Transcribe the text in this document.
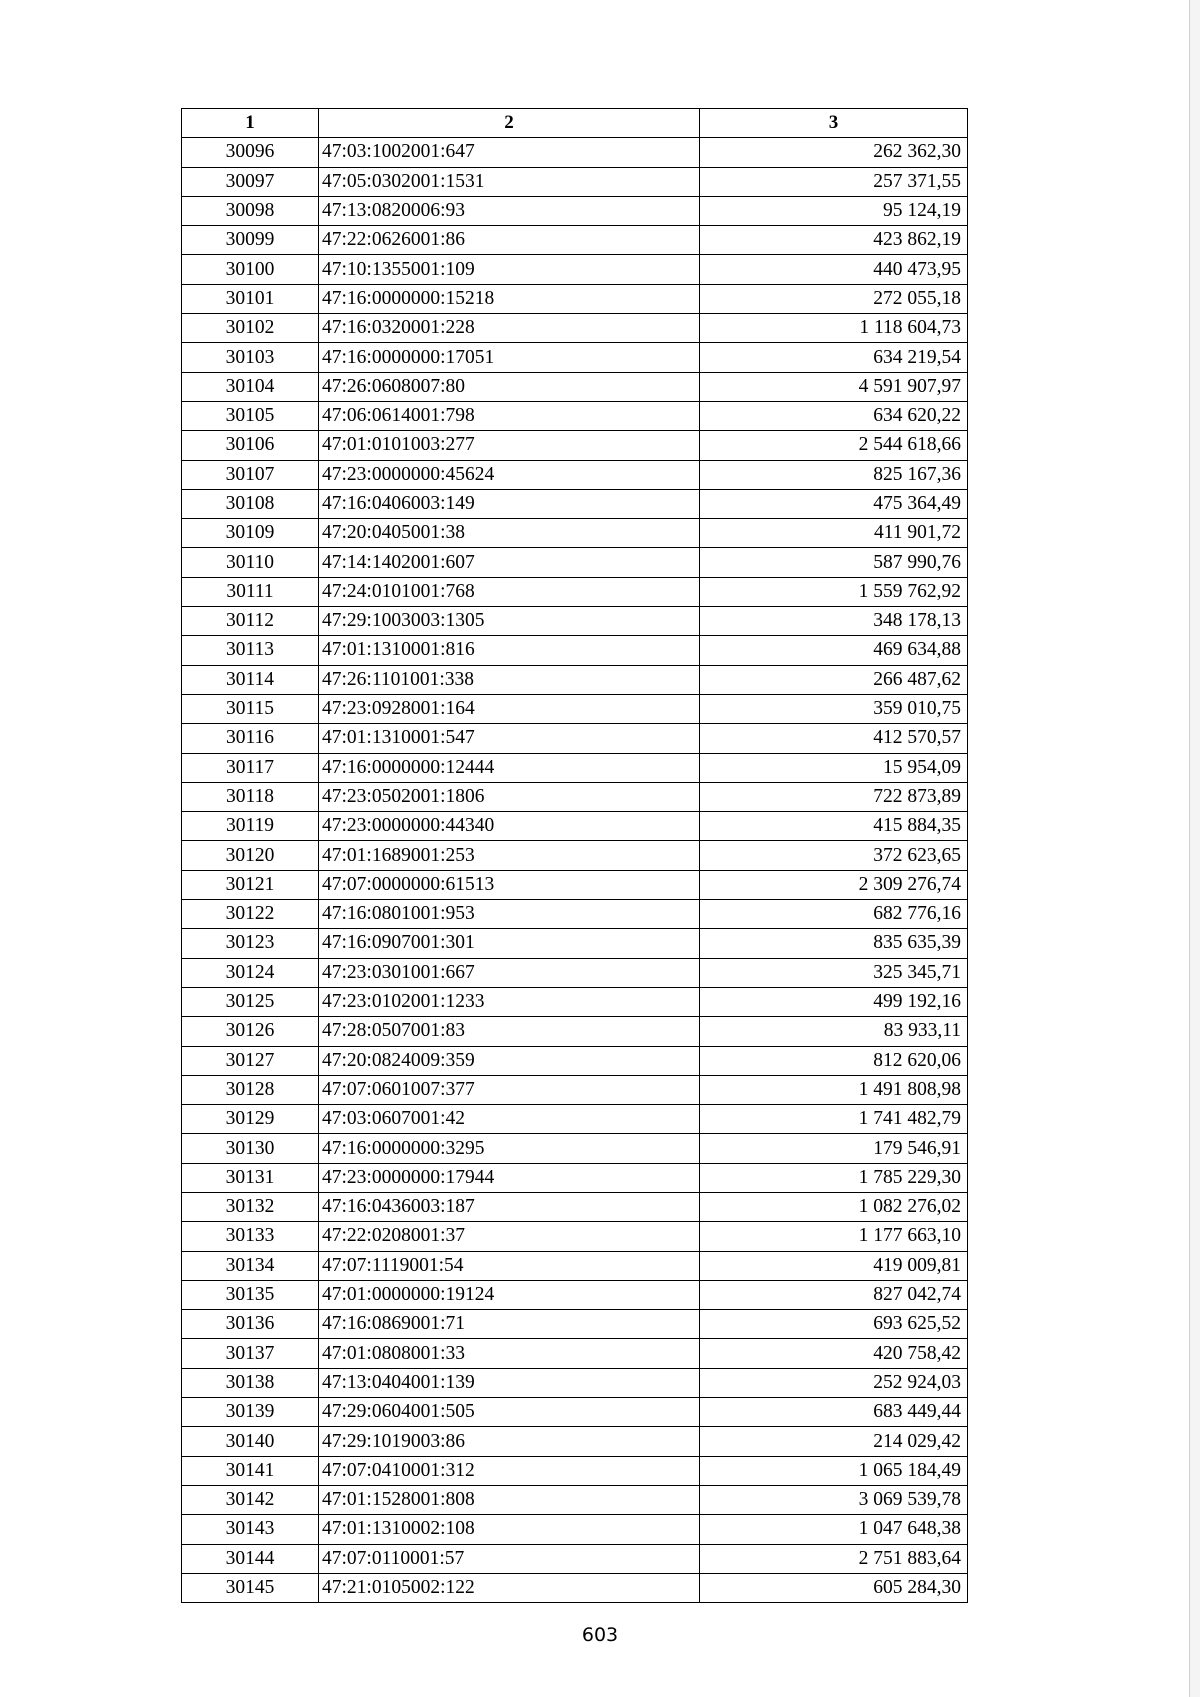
1	2	3
30096	47:03:1002001:647	262 362,30
30097	47:05:0302001:1531	257 371,55
30098	47:13:0820006:93	95 124,19
30099	47:22:0626001:86	423 862,19
30100	47:10:1355001:109	440 473,95
30101	47:16:0000000:15218	272 055,18
30102	47:16:0320001:228	1 118 604,73
30103	47:16:0000000:17051	634 219,54
30104	47:26:0608007:80	4 591 907,97
30105	47:06:0614001:798	634 620,22
30106	47:01:0101003:277	2 544 618,66
30107	47:23:0000000:45624	825 167,36
30108	47:16:0406003:149	475 364,49
30109	47:20:0405001:38	411 901,72
30110	47:14:1402001:607	587 990,76
30111	47:24:0101001:768	1 559 762,92
30112	47:29:1003003:1305	348 178,13
30113	47:01:1310001:816	469 634,88
30114	47:26:1101001:338	266 487,62
30115	47:23:0928001:164	359 010,75
30116	47:01:1310001:547	412 570,57
30117	47:16:0000000:12444	15 954,09
30118	47:23:0502001:1806	722 873,89
30119	47:23:0000000:44340	415 884,35
30120	47:01:1689001:253	372 623,65
30121	47:07:0000000:61513	2 309 276,74
30122	47:16:0801001:953	682 776,16
30123	47:16:0907001:301	835 635,39
30124	47:23:0301001:667	325 345,71
30125	47:23:0102001:1233	499 192,16
30126	47:28:0507001:83	83 933,11
30127	47:20:0824009:359	812 620,06
30128	47:07:0601007:377	1 491 808,98
30129	47:03:0607001:42	1 741 482,79
30130	47:16:0000000:3295	179 546,91
30131	47:23:0000000:17944	1 785 229,30
30132	47:16:0436003:187	1 082 276,02
30133	47:22:0208001:37	1 177 663,10
30134	47:07:1119001:54	419 009,81
30135	47:01:0000000:19124	827 042,74
30136	47:16:0869001:71	693 625,52
30137	47:01:0808001:33	420 758,42
30138	47:13:0404001:139	252 924,03
30139	47:29:0604001:505	683 449,44
30140	47:29:1019003:86	214 029,42
30141	47:07:0410001:312	1 065 184,49
30142	47:01:1528001:808	3 069 539,78
30143	47:01:1310002:108	1 047 648,38
30144	47:07:0110001:57	2 751 883,64
30145	47:21:0105002:122	605 284,30
603
